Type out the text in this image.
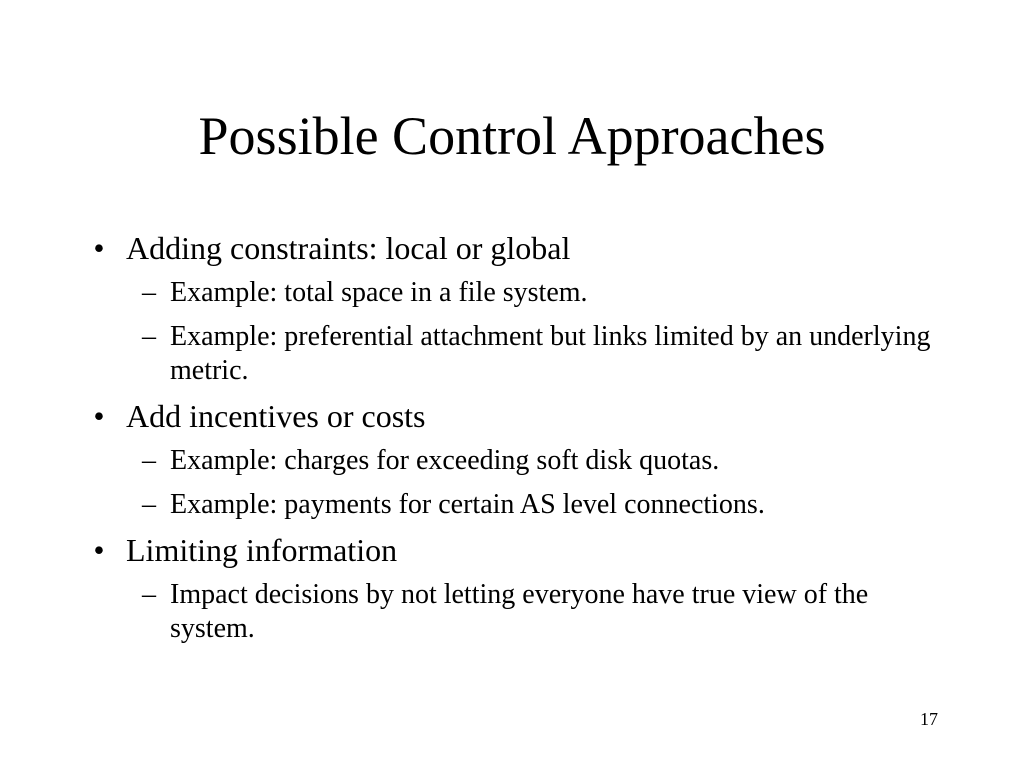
Possible Control Approaches
• Adding constraints: local or global
– Example: total space in a file system.
– Example: preferential attachment but links limited by an underlying metric.
• Add incentives or costs
– Example: charges for exceeding soft disk quotas.
– Example: payments for certain AS level connections.
• Limiting information
– Impact decisions by not letting everyone have true view of the system.
17
